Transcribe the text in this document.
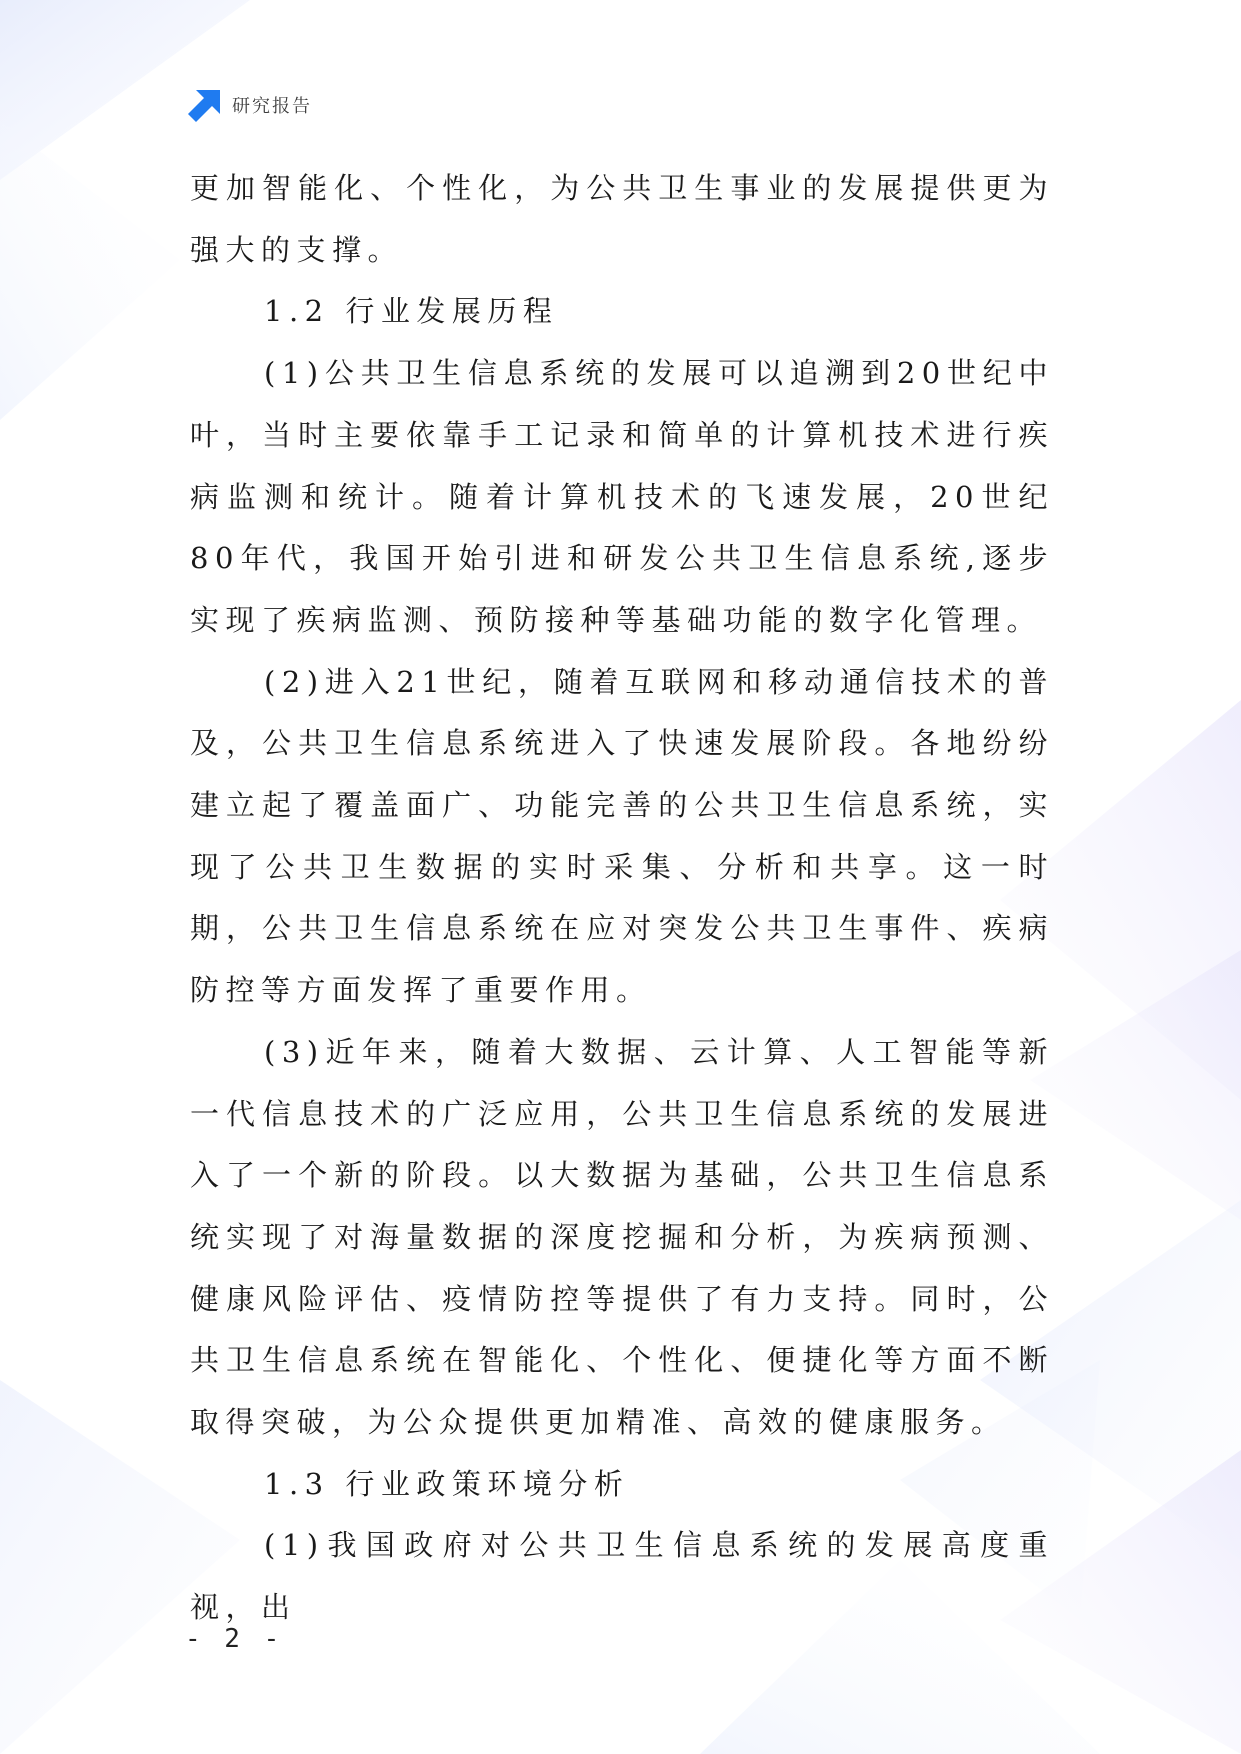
研究报告

更加智能化、个性化，为公共卫生事业的发展提供更为强大的支撑。

1.2 行业发展历程

(1)公共卫生信息系统的发展可以追溯到20世纪中叶，当时主要依靠手工记录和简单的计算机技术进行疾病监测和统计。随着计算机技术的飞速发展，20世纪80年代，我国开始引进和研发公共卫生信息系统,逐步实现了疾病监测、预防接种等基础功能的数字化管理。

(2)进入21世纪，随着互联网和移动通信技术的普及，公共卫生信息系统进入了快速发展阶段。各地纷纷建立起了覆盖面广、功能完善的公共卫生信息系统，实现了公共卫生数据的实时采集、分析和共享。这一时期，公共卫生信息系统在应对突发公共卫生事件、疾病防控等方面发挥了重要作用。

(3)近年来，随着大数据、云计算、人工智能等新一代信息技术的广泛应用，公共卫生信息系统的发展进入了一个新的阶段。以大数据为基础，公共卫生信息系统实现了对海量数据的深度挖掘和分析，为疾病预测、健康风险评估、疫情防控等提供了有力支持。同时，公共卫生信息系统在智能化、个性化、便捷化等方面不断取得突破，为公众提供更加精准、高效的健康服务。

1.3 行业政策环境分析

(1)我国政府对公共卫生信息系统的发展高度重视，出

- 2 -
